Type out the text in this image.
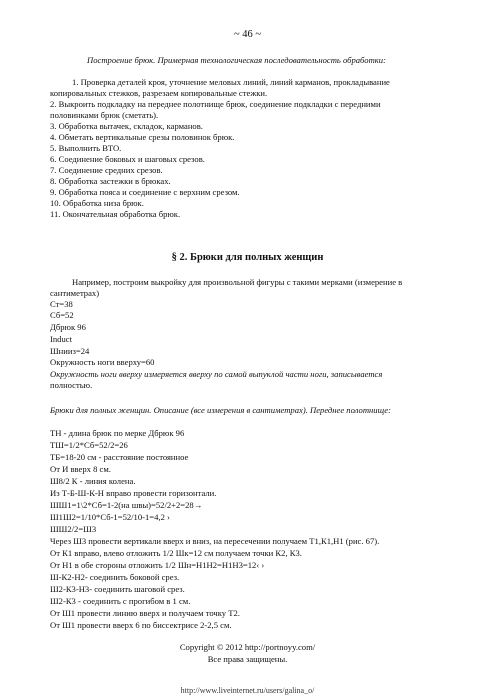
~ 46 ~
Построение брюк. Примерная технологическая последовательность обработки:
1. Проверка деталей кроя, уточнение меловых линий, линий карманов, прокладывание
копировальных стежков, разрезаем копировальные стежки.
2. Выкроить подкладку на переднее полотнище брюк, соединение подкладки с передними
половинками брюк (сметать).
3. Обработка вытачек, складок, карманов.
4. Обметать вертикальные срезы половинок брюк.
5. Выполнить ВТО.
6. Соединение боковых и шаговых срезов.
7. Соединение средних срезов.
8. Обработка застежки в брюках.
9. Обработка пояса и соединение с верхним срезом.
10. Обработка низа брюк.
11. Окончательная обработка брюк.
§ 2. Брюки для полных женщин
Например, построим выкройку для произвольной фигуры с такими мерками (измерение в
сантиметрах)
Ст=38
Сб=52
Дбрюк 96
Induct
Шнииз=24
Окружность ноги вверху=60
Окружность ноги вверху измеряется вверху по самой выпуклой части ноги, записывается
полностью.
Брюки для полных женщин. Описание (все измерения в сантиметрах). Переднее полотнище:
ТН - длина брюк по мерке Дбрюк 96
ТШ=1/2*Сб=52/2=26
ТБ=18-20 см - расстояние постоянное
От И вверх 8 см.
Ш8/2 К - линия колена.
Из Т-Б-Ш-К-Н вправо провести горизонтали.
ШШ1=1\2*Сб=1-2(на швы)=52/2+2=28→
Ш1Ш2=1/10*Сб-1=52/10-1=4,2 ›
ШШ2/2=Ш3
Через Ш3 провести вертикали вверх и вниз, на пересечении получаем Т1,К1,Н1 (рис. 67).
От К1 вправо, влево отложить 1/2 Шк=12 см получаем точки К2, К3.
От Н1 в обе стороны отложить 1/2 Шн=Н1Н2=Н1Н3=12‹ ›
Ш-К2-Н2- соединить боковой срез.
Ш2-К3-Н3- соединить шаговой срез.
Ш2-К3 - соединить с прогибом в 1 см.
От Ш1 провести линию вверх и получаем точку Т2.
От Ш1 провести вверх 6 по биссектрисе 2-2,5 см.
Copyright © 2012 http://portnoyy.com/
Все права защищены.
http://www.liveinternet.ru/users/galina_o/
